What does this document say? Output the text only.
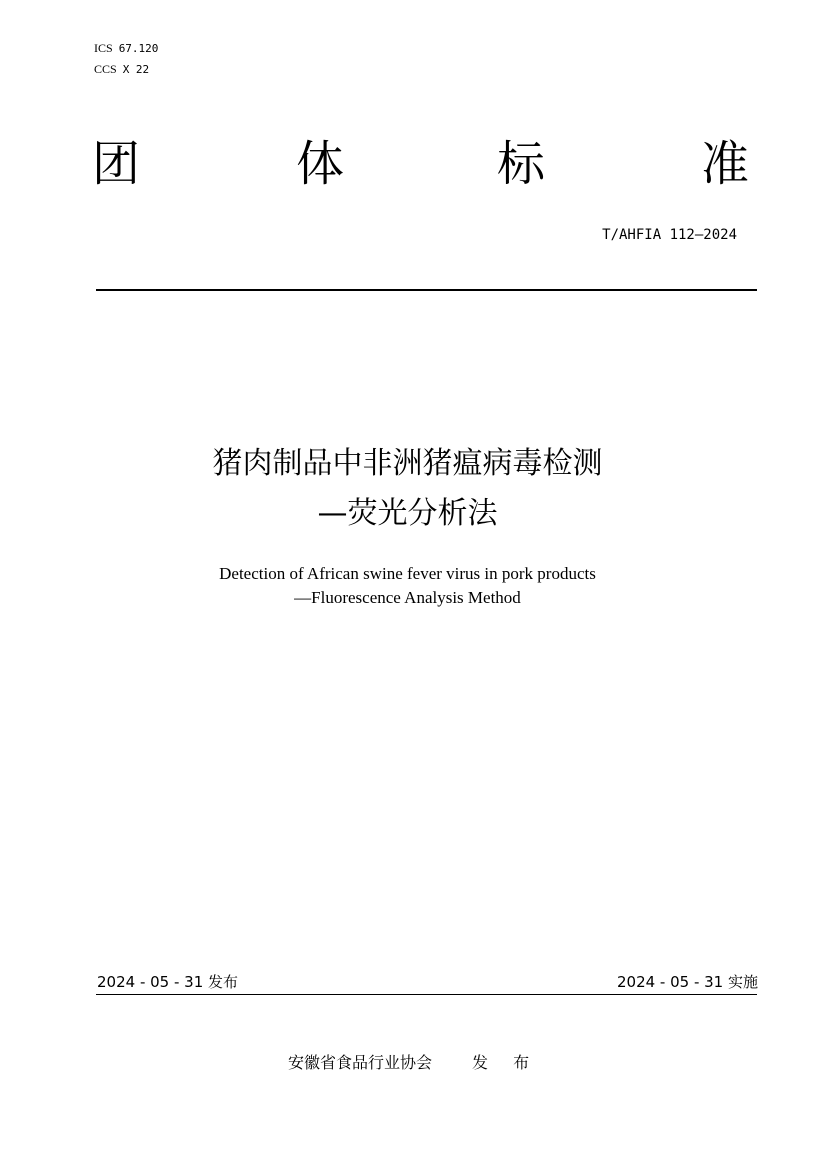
ICS 67.120
CCS X 22
团	体	标	准
T/AHFIA 112—2024
猪肉制品中非洲猪瘟病毒检测
—荧光分析法
Detection of African swine fever virus in pork products
—Fluorescence Analysis Method
2024 - 05 - 31 发布	2024 - 05 - 31 实施
安徽省食品行业协会	发 布
